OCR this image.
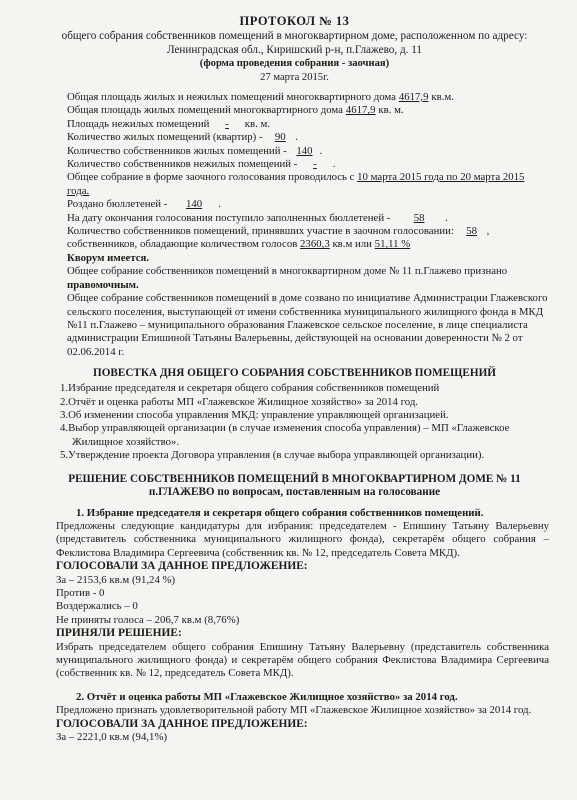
ПРОТОКОЛ № 13
общего собрания собственников помещений в многоквартирном доме, расположенном по адресу:
Ленинградская обл., Киришский р-н, п.Глажево, д. 11
(форма проведения собрания - заочная)
27 марта 2015г.

Общая площадь жилых и нежилых помещений многоквартирного дома 4617,9 кв.м.

Общая площадь жилых помещений многоквартирного дома 4617,9 кв. м.

Площадь нежилых помещений - кв. м.

Количество жилых помещений (квартир) - 90 .

Количество собственников жилых помещений - 140 .

Количество собственников нежилых помещений - - .

Общее собрание в форме заочного голосования проводилось с 10 марта 2015 года по 20 марта 2015 года.

Роздано бюллетеней - 140 .

На дату окончания голосования поступило заполненных бюллетеней - 58 .

Количество собственников помещений, принявших участие в заочном голосовании: 58 ,

собственников, обладающие количеством голосов 2360,3 кв.м или 51,11 %

Кворум имеется.

Общее собрание собственников помещений в многоквартирном доме № 11 п.Глажево признано правомочным.

Общее собрание собственников помещений в доме созвано по инициативе Администрации Глажевского сельского поселения, выступающей от имени собственника муниципального жилищного фонда в МКД №11 п.Глажево – муниципального образования Глажевское сельское поселение, в лице специалиста администрации Епишиной Татьяны Валерьевны, действующей на основании доверенности № 2 от 02.06.2014 г.

ПОВЕСТКА ДНЯ ОБЩЕГО СОБРАНИЯ СОБСТВЕННИКОВ ПОМЕЩЕНИЙ

1.Избрание председателя и секретаря общего собрания собственников помещений

2.Отчёт и оценка работы МП «Глажевское Жилищное хозяйство» за 2014 год.

3.Об изменении способа управления МКД: управление управляющей организацией.

4.Выбор управляющей организации (в случае изменения способа управления) – МП «Глажевское Жилищное хозяйство».

5.Утверждение проекта Договора управления (в случае выбора управляющей организации).

РЕШЕНИЕ СОБСТВЕННИКОВ ПОМЕЩЕНИЙ В МНОГОКВАРТИРНОМ ДОМЕ № 11
п.ГЛАЖЕВО по вопросам, поставленным на голосование

1. Избрание председателя и секретаря общего собрания собственников помещений.

Предложены следующие кандидатуры для избрания: председателем - Епишину Татьяну Валерьевну (представитель собственника муниципального жилищного фонда), секретарём общего собрания – Феклистова Владимира Сергеевича (собственник кв. № 12, председатель Совета МКД).

ГОЛОСОВАЛИ ЗА ДАННОЕ ПРЕДЛОЖЕНИЕ:

За – 2153,6 кв.м (91,24 %)

Против - 0

Воздержались – 0

Не приняты голоса – 206,7 кв.м (8,76%)

ПРИНЯЛИ РЕШЕНИЕ:

Избрать председателем общего собрания Епишину Татьяну Валерьевну (представитель собственника муниципального жилищного фонда) и секретарём общего собрания Феклистова Владимира Сергеевича (собственник кв. № 12, председатель Совета МКД).

2. Отчёт и оценка работы МП «Глажевское Жилищное хозяйство» за 2014 год.

Предложено признать удовлетворительной работу МП «Глажевское Жилищное хозяйство» за 2014 год.

ГОЛОСОВАЛИ ЗА ДАННОЕ ПРЕДЛОЖЕНИЕ:

За – 2221,0 кв.м (94,1%)
